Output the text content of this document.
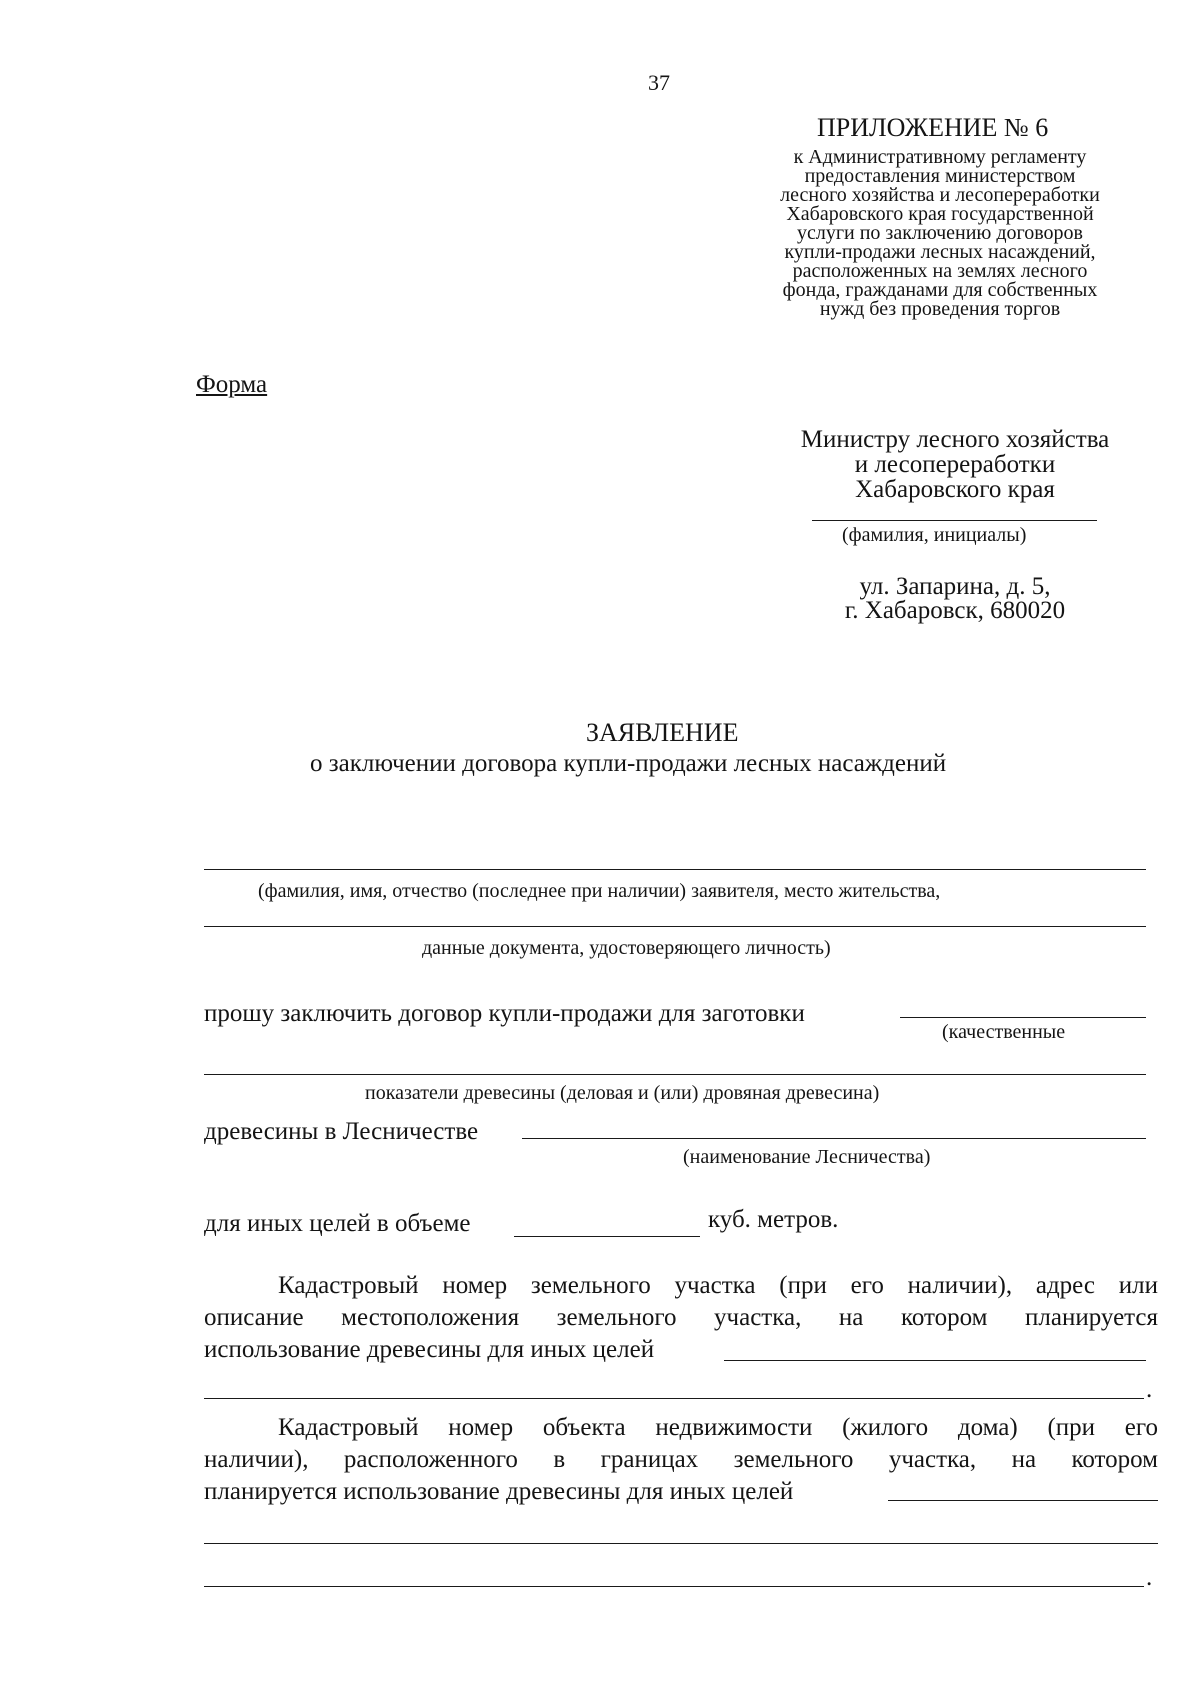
37
ПРИЛОЖЕНИЕ № 6
к Административному регламенту
предоставления министерством
лесного хозяйства и лесопереработки
Хабаровского края государственной
услуги по заключению договоров
купли-продажи лесных насаждений,
расположенных на землях лесного
фонда, гражданами для собственных
нужд без проведения торгов
Форма
Министру лесного хозяйства
и лесопереработки
Хабаровского края
(фамилия, инициалы)
ул. Запарина, д. 5,
г. Хабаровск, 680020
ЗАЯВЛЕНИЕ
о заключении договора купли-продажи лесных насаждений
(фамилия, имя, отчество (последнее при наличии) заявителя, место жительства,
данные документа, удостоверяющего личность)
прошу заключить договор купли-продажи для заготовки
(качественные
показатели древесины (деловая и (или) дровяная древесина)
древесины в Лесничестве
(наименование Лесничества)
для иных целей в объеме	куб. метров.
Кадастровый номер земельного участка (при его наличии), адрес или
описание местоположения земельного участка, на котором планируется
использование древесины для иных целей
.
Кадастровый номер объекта недвижимости (жилого дома) (при его
наличии), расположенного в границах земельного участка, на котором
планируется использование древесины для иных целей
.
